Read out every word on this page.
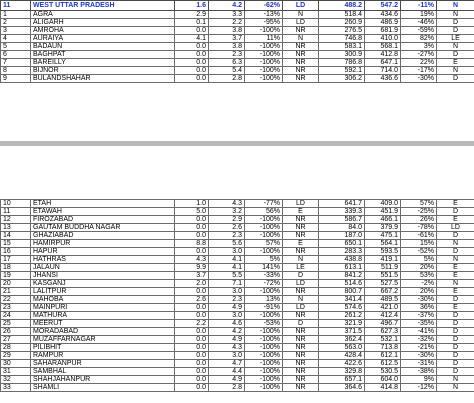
11	WEST UTTAR PRADESH	1.6	4.2	-62%	LD	488.2	547.2	-11%	N
1	AGRA	2.9	3.3	-13%	N	518.4	434.6	19%	N
2	ALIGARH	0.1	2.2	-95%	LD	260.9	486.9	-46%	D
3	AMROHA	0.0	3.8	-100%	NR	276.5	681.9	-59%	D
4	AURAIYA	4.1	3.7	11%	N	746.8	410.0	82%	LE
5	BADAUN	0.0	3.8	-100%	NR	583.1	568.1	3%	N
6	BAGHPAT	0.0	2.3	-100%	NR	300.9	412.8	-27%	D
7	BAREILLY	0.0	6.3	-100%	NR	786.8	647.1	22%	E
8	BIJNOR	0.0	5.4	-100%	NR	592.1	714.0	-17%	N
9	BULANDSHAHAR	0.0	2.8	-100%	NR	306.2	436.6	-30%	D
10	ETAH	1.0	4.3	-77%	LD	641.7	409.0	57%	E
11	ETAWAH	5.0	3.2	56%	E	339.3	451.9	-25%	D
12	FIROZABAD	0.0	2.9	-100%	NR	586.7	466.1	26%	E
13	GAUTAM BUDDHA NAGAR	0.0	2.6	-100%	NR	84.0	379.9	-78%	LD
14	GHAZIABAD	0.0	2.3	-100%	NR	187.0	475.1	-61%	D
15	HAMIRPUR	8.8	5.6	57%	E	650.1	564.1	15%	N
16	HAPUR	0.0	3.0	-100%	NR	283.3	593.5	-52%	D
17	HATHRAS	4.3	4.1	5%	N	438.8	419.1	5%	N
18	JALAUN	9.9	4.1	141%	LE	613.1	511.9	20%	E
19	JHANSI	3.7	5.5	-33%	D	841.2	551.5	53%	E
20	KASGANJ	2.0	7.1	-72%	LD	514.6	527.5	-2%	N
21	LALITPUR	0.0	3.0	-100%	NR	800.7	667.2	20%	E
22	MAHOBA	2.6	2.3	13%	N	341.4	489.5	-30%	D
23	MAINPURI	0.0	4.9	-91%	LD	574.6	421.0	36%	E
24	MATHURA	0.0	3.0	-100%	NR	261.2	412.4	-37%	D
25	MEERUT	2.2	4.6	-53%	D	321.9	496.7	-35%	D
26	MORADABAD	0.0	4.2	-100%	NR	371.5	627.3	-41%	D
27	MUZAFFARNAGAR	0.0	4.9	-100%	NR	362.4	532.1	-32%	D
28	PILIBHIT	0.0	4.3	-100%	NR	563.0	713.8	-21%	D
29	RAMPUR	0.0	3.0	-100%	NR	428.4	612.1	-30%	D
30	SAHARANPUR	0.0	4.7	-100%	NR	422.6	612.5	-31%	D
31	SAMBHAL	0.0	4.4	-100%	NR	329.8	530.5	-38%	D
32	SHAHJAHANPUR	0.0	4.9	-100%	NR	657.1	604.0	9%	N
33	SHAMLI	0.0	2.8	-100%	NR	364.6	414.8	-12%	N
